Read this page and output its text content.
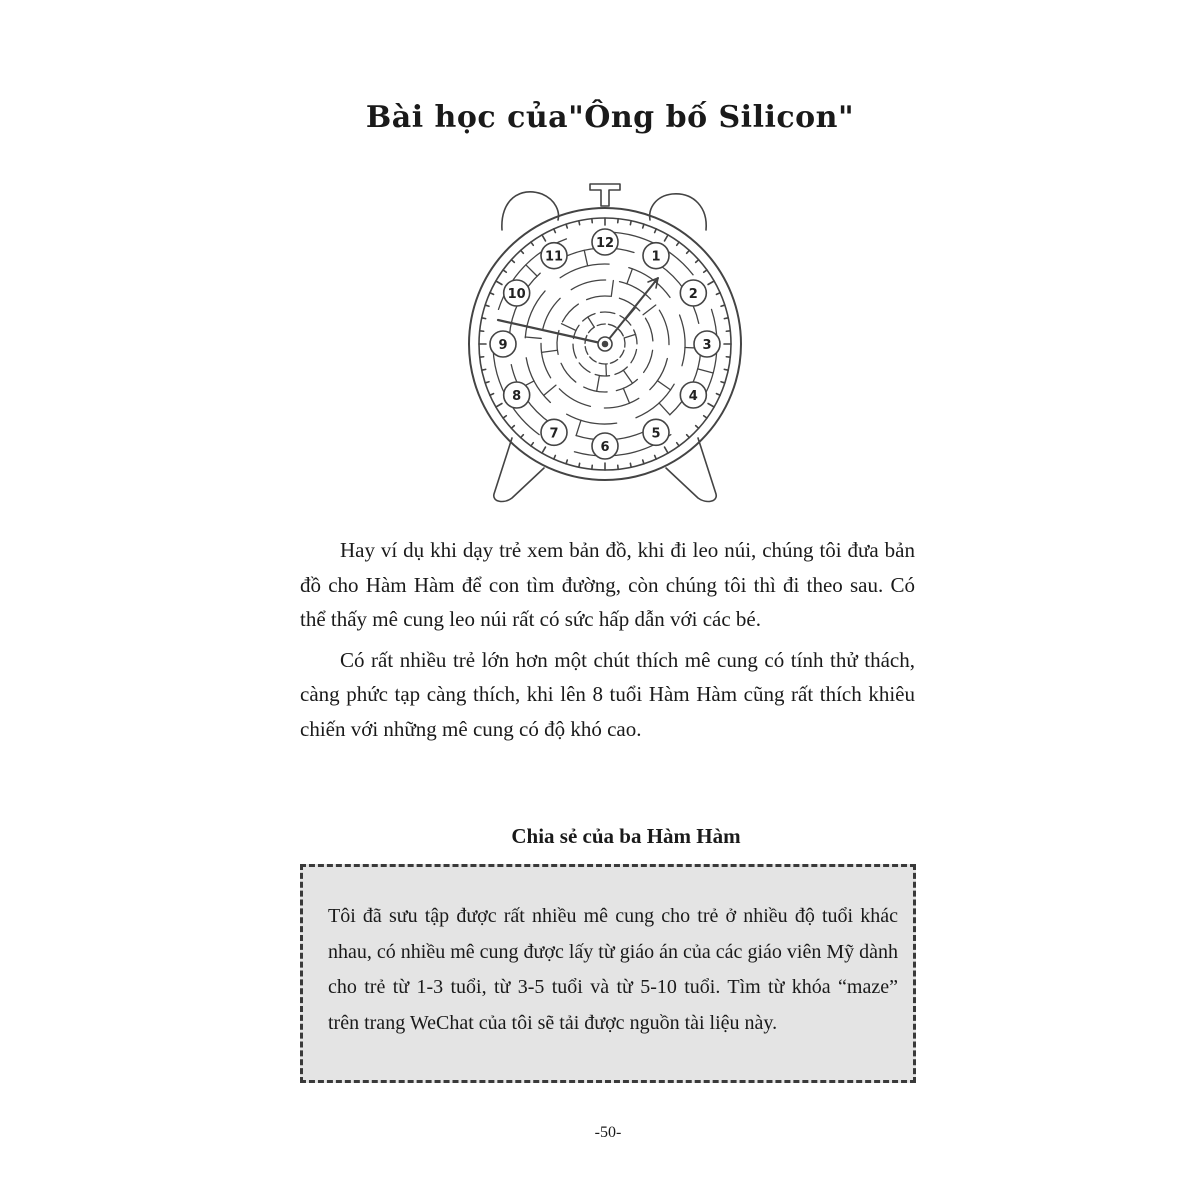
Bài học của"Ông bố Silicon"
12
1
2
3
4
5
6
7
8
9
10
11

Hay ví dụ khi dạy trẻ xem bản đồ, khi đi leo núi, chúng tôi đưa bản đồ cho Hàm Hàm để con tìm đường, còn chúng tôi thì đi theo sau. Có thể thấy mê cung leo núi rất có sức hấp dẫn với các bé.

Có rất nhiều trẻ lớn hơn một chút thích mê cung có tính thử thách, càng phức tạp càng thích, khi lên 8 tuổi Hàm Hàm cũng rất thích khiêu chiến với những mê cung có độ khó cao.

Chia sẻ của ba Hàm Hàm
Tôi đã sưu tập được rất nhiều mê cung cho trẻ ở nhiều độ tuổi khác nhau, có nhiều mê cung được lấy từ giáo án của các giáo viên Mỹ dành cho trẻ từ 1-3 tuổi, từ 3-5 tuổi và từ 5-10 tuổi. Tìm từ khóa “maze” trên trang WeChat của tôi sẽ tải được nguồn tài liệu này.
-50-
